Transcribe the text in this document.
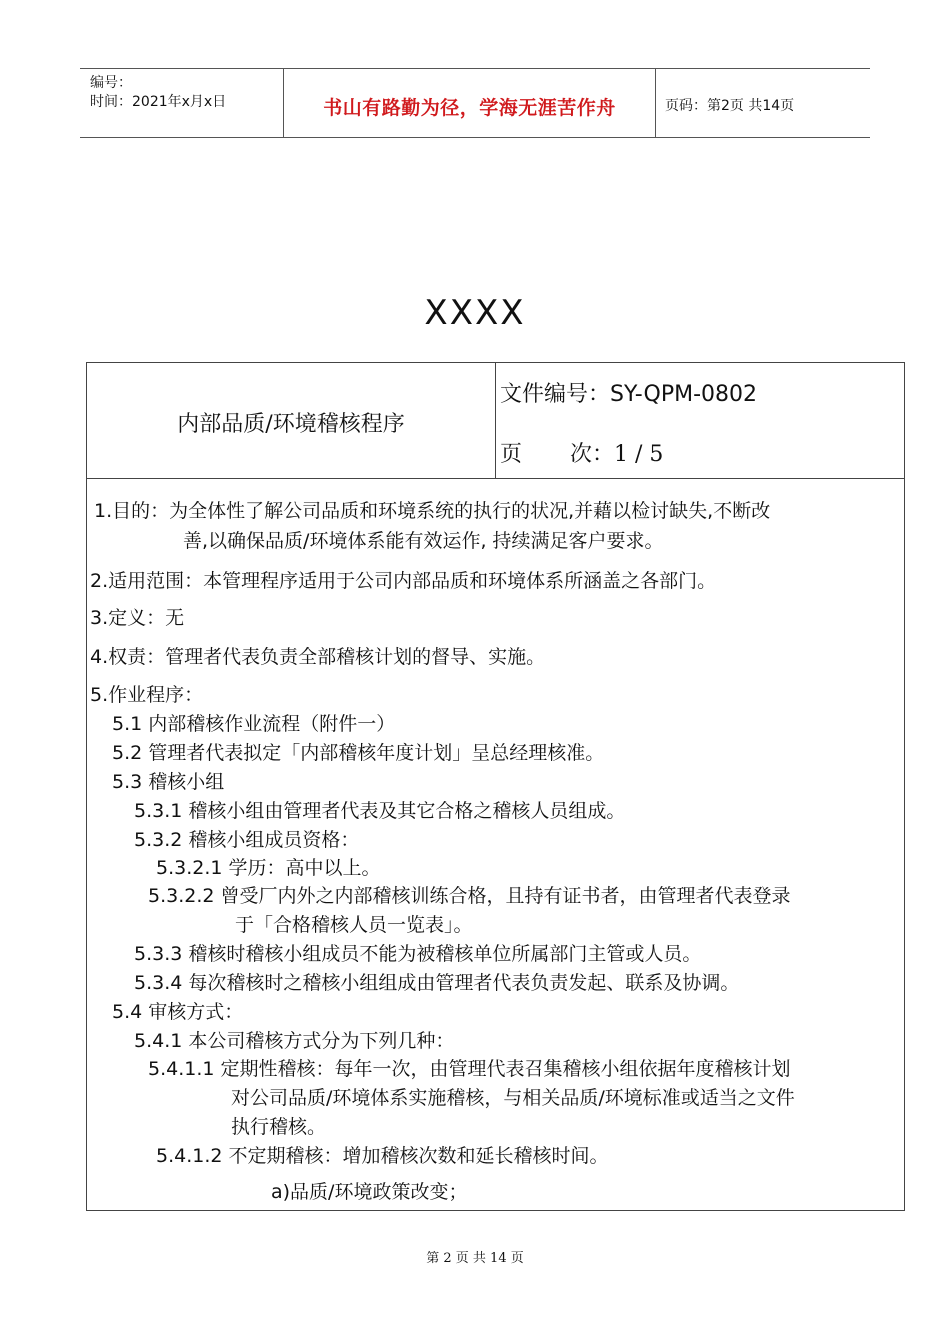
编号：
时间：2021年x月x日	书山有路勤为径，学海无涯苦作舟	页码：第2页 共14页
XXXX
内部品质/环境稽核程序
文件编号：SY-QPM-0802
页 次：1 / 5
1.目的：为全体性了解公司品质和环境系统的执行的状况,并藉以检讨缺失,不断改
善,以确保品质/环境体系能有效运作, 持续满足客户要求。
2.适用范围：本管理程序适用于公司内部品质和环境体系所涵盖之各部门。
3.定义：无
4.权责：管理者代表负责全部稽核计划的督导、实施。
5.作业程序：
5.1 内部稽核作业流程（附件一）
5.2 管理者代表拟定「内部稽核年度计划」呈总经理核准。
5.3 稽核小组
5.3.1 稽核小组由管理者代表及其它合格之稽核人员组成。
5.3.2 稽核小组成员资格：
5.3.2.1 学历：高中以上。
5.3.2.2 曾受厂内外之内部稽核训练合格，且持有证书者，由管理者代表登录
于「合格稽核人员一览表」。
5.3.3 稽核时稽核小组成员不能为被稽核单位所属部门主管或人员。
5.3.4 每次稽核时之稽核小组组成由管理者代表负责发起、联系及协调。
5.4 审核方式：
5.4.1 本公司稽核方式分为下列几种：
5.4.1.1 定期性稽核：每年一次，由管理代表召集稽核小组依据年度稽核计划
对公司品质/环境体系实施稽核，与相关品质/环境标准或适当之文件
执行稽核。
5.4.1.2 不定期稽核：增加稽核次数和延长稽核时间。
a)品质/环境政策改变；
第 2 页 共 14 页
